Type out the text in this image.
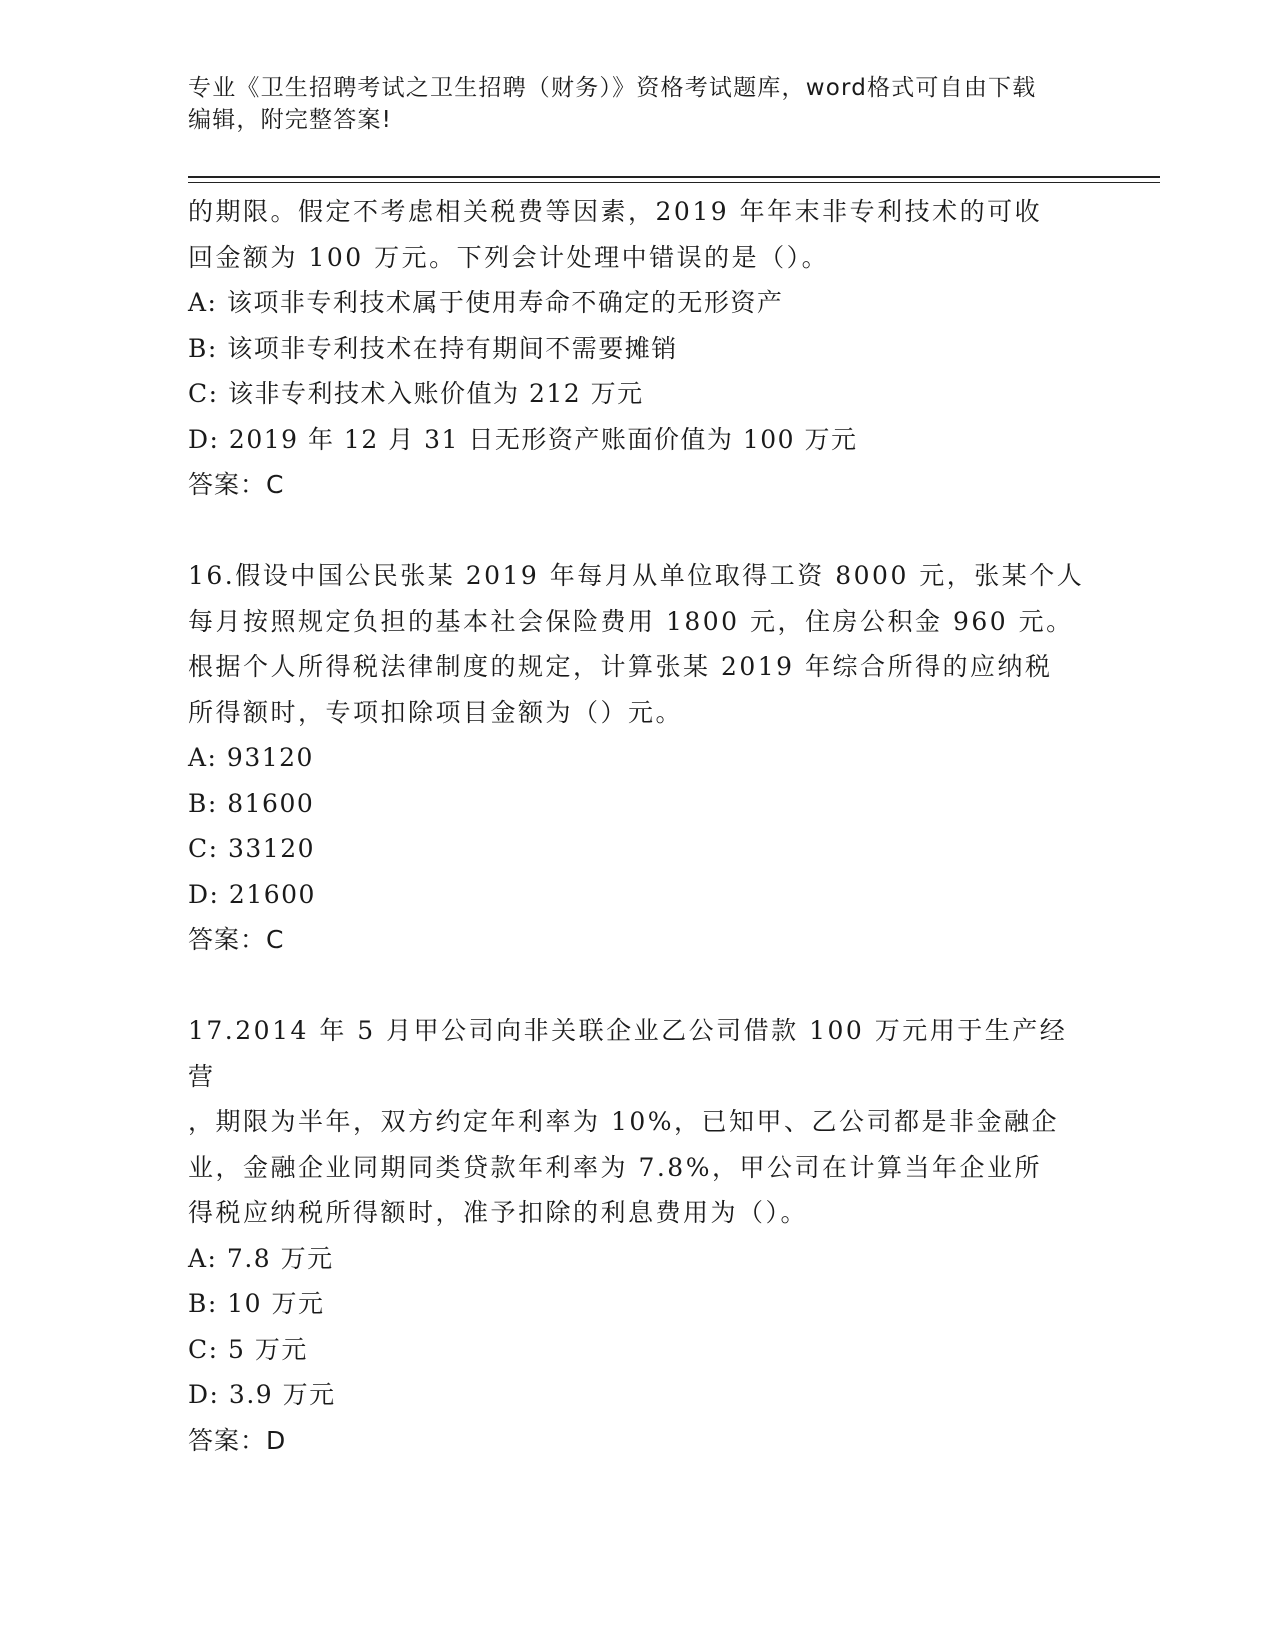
专业《卫生招聘考试之卫生招聘（财务）》资格考试题库，word格式可自由下载
编辑，附完整答案!
的期限。假定不考虑相关税费等因素，2019 年年末非专利技术的可收
回金额为 100 万元。下列会计处理中错误的是（）。
A: 该项非专利技术属于使用寿命不确定的无形资产
B: 该项非专利技术在持有期间不需要摊销
C: 该非专利技术入账价值为 212 万元
D: 2019 年 12 月 31 日无形资产账面价值为 100 万元
答案：C
16.假设中国公民张某 2019 年每月从单位取得工资 8000 元，张某个人
每月按照规定负担的基本社会保险费用 1800 元，住房公积金 960 元。
根据个人所得税法律制度的规定，计算张某 2019 年综合所得的应纳税
所得额时，专项扣除项目金额为（）元。
A: 93120
B: 81600
C: 33120
D: 21600
答案：C
17.2014 年 5 月甲公司向非关联企业乙公司借款 100 万元用于生产经营
，期限为半年，双方约定年利率为 10%，已知甲、乙公司都是非金融企
业，金融企业同期同类贷款年利率为 7.8%，甲公司在计算当年企业所
得税应纳税所得额时，准予扣除的利息费用为（）。
A: 7.8 万元
B: 10 万元
C: 5 万元
D: 3.9 万元
答案：D
